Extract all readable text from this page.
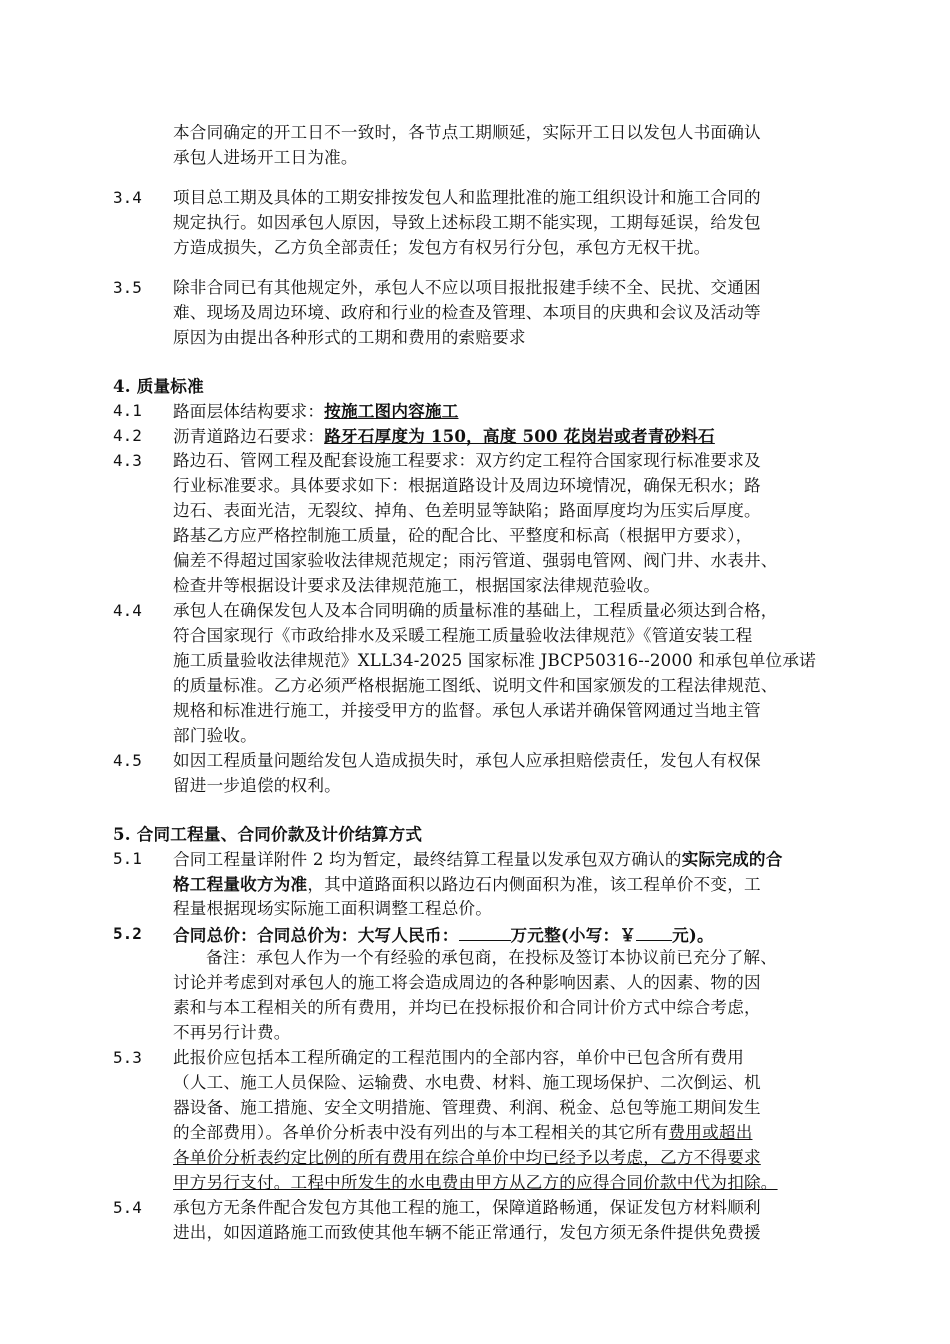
本合同确定的开工日不一致时，各节点工期顺延，实际开工日以发包人书面确认
承包人进场开工日为准。
3.4 项目总工期及具体的工期安排按发包人和监理批准的施工组织设计和施工合同的
规定执行。如因承包人原因，导致上述标段工期不能实现，工期每延误，给发包
方造成损失，乙方负全部责任；发包方有权另行分包，承包方无权干扰。
3.5 除非合同已有其他规定外，承包人不应以项目报批报建手续不全、民扰、交通困
难、现场及周边环境、政府和行业的检查及管理、本项目的庆典和会议及活动等
原因为由提出各种形式的工期和费用的索赔要求
4. 质量标准
4.1 路面层体结构要求：按施工图内容施工
4.2 沥青道路边石要求：路牙石厚度为 150，高度 500 花岗岩或者青砂料石
4.3 路边石、管网工程及配套设施工程要求：双方约定工程符合国家现行标准要求及
行业标准要求。具体要求如下：根据道路设计及周边环境情况，确保无积水；路
边石、表面光洁，无裂纹、掉角、色差明显等缺陷；路面厚度均为压实后厚度。
路基乙方应严格控制施工质量，砼的配合比、平整度和标高（根据甲方要求），
偏差不得超过国家验收法律规范规定；雨污管道、强弱电管网、阀门井、水表井、
检查井等根据设计要求及法律规范施工，根据国家法律规范验收。
4.4 承包人在确保发包人及本合同明确的质量标准的基础上，工程质量必须达到合格，
符合国家现行《市政给排水及采暖工程施工质量验收法律规范》《管道安装工程
施工质量验收法律规范》XLL34-2025 国家标准 JBCP50316--2000 和承包单位承诺
的质量标准。乙方必须严格根据施工图纸、说明文件和国家颁发的工程法律规范、
规格和标准进行施工，并接受甲方的监督。承包人承诺并确保管网通过当地主管
部门验收。
4.5 如因工程质量问题给发包人造成损失时，承包人应承担赔偿责任，发包人有权保
留进一步追偿的权利。
5. 合同工程量、合同价款及计价结算方式
5.1 合同工程量详附件 2 均为暂定，最终结算工程量以发承包双方确认的实际完成的合
格工程量收方为准，其中道路面积以路边石内侧面积为准，该工程单价不变，工
程量根据现场实际施工面积调整工程总价。
5.2 合同总价：合同总价为：大写人民币：	万元整(小写：￥ 元)。
备注：承包人作为一个有经验的承包商，在投标及签订本协议前已充分了解、
讨论并考虑到对承包人的施工将会造成周边的各种影响因素、人的因素、物的因
素和与本工程相关的所有费用，并均已在投标报价和合同计价方式中综合考虑，
不再另行计费。
5.3 此报价应包括本工程所确定的工程范围内的全部内容，单价中已包含所有费用
（人工、施工人员保险、运输费、水电费、材料、施工现场保护、二次倒运、机
器设备、施工措施、安全文明措施、管理费、利润、税金、总包等施工期间发生
的全部费用）。各单价分析表中没有列出的与本工程相关的其它所有费用或超出
各单价分析表约定比例的所有费用在综合单价中均已经予以考虑，乙方不得要求
甲方另行支付。工程中所发生的水电费由甲方从乙方的应得合同价款中代为扣除。
5.4 承包方无条件配合发包方其他工程的施工，保障道路畅通，保证发包方材料顺利
进出，如因道路施工而致使其他车辆不能正常通行，发包方须无条件提供免费援
